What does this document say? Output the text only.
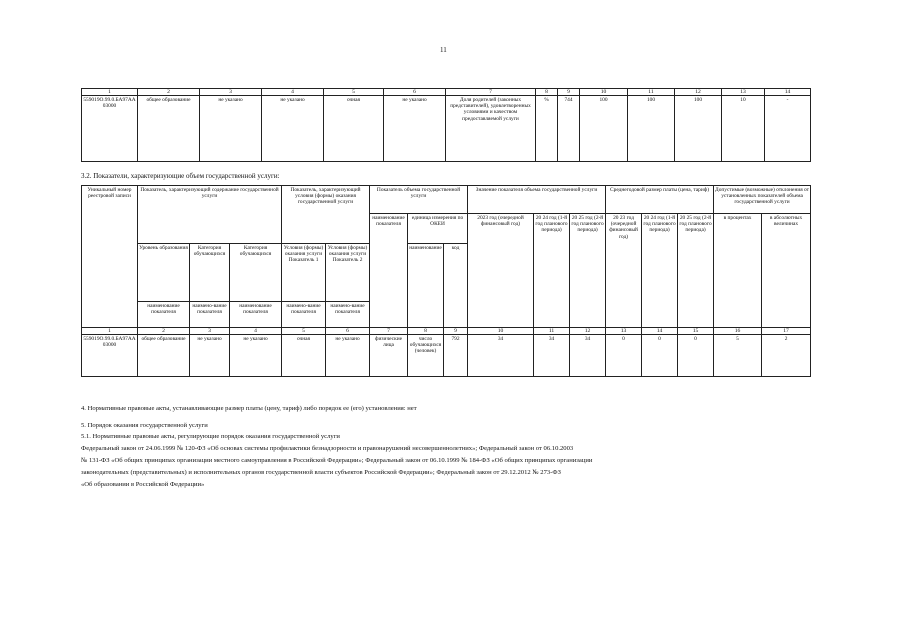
11
1	2	3	4	5	6	7	8	9	10	11	12	13	14
559019О.99.0.БА97АА03000	общее образование	не указано	не указано	очная	не указано	Доля родителей (законных представителей), удовлетворенных условиями и качеством предоставляемой услуги	%	744	100	100	100	10	-
3.2. Показатели, характеризующие объем государственной услуги:
Уникальный номер реестровой записи	Показатель, характеризующий содержание государственной услуги			Показатель, характеризующий условия (формы) оказания государственной услуги		Показатель объема государственной услуги			Значение показателя объема государственной услуги			Среднегодовой размер платы (цена, тариф)			Допустимые (возможные) отклонения от установленных показателей объема государственной услуги	
						наименование показателя	единица измерения по ОКЕИ		2023 год (очередной финансовый год)	20 24 год (1-й год планового периода)	20 25 год (2-й год планового периода)	20 23 год (очередной финансовый год)	20 24 год (1-й год планового периода)	20 25 год (2-й год планового периода)	в процентах	в абсолютных величинах
	Уровень образования	Категория обучающихся	Категория обучающихся	Условия (формы) оказания услуги Показатель 1	Условия (формы) оказания услуги Показатель 2		наименование	код								
	наименование показателя	наимено-вание показателя	наименование показателя	наимено-вание показателя	наимено-вание показателя											
1	2	3	4	5	6	7	8	9	10	11	12	13	14	15	16	17
559019О.99.0.БА97АА03000	общее образование	не указано	не указано	очная	не указано	физические лица	число обучающихся (человек)	792	34	34	34	0	0	0	5	2
4. Нормативные правовые акты, устанавливающие размер платы (цену, тариф) либо порядок ее (его) установления: нет
5. Порядок оказания государственной услуги
5.1. Нормативные правовые акты, регулирующие порядок оказания государственной услуги
Федеральный закон от 24.06.1999 № 120-ФЗ «Об основах системы профилактики безнадзорности и правонарушений несовершеннолетних»; Федеральный закон от 06.10.2003
№ 131-ФЗ «Об общих принципах организации местного самоуправления в Российской Федерации»; Федеральный закон от 06.10.1999 № 184-ФЗ «Об общих принципах организации
законодательных (представительных) и исполнительных органов государственной власти субъектов Российской Федерации»; Федеральный закон от 29.12.2012 № 273-ФЗ
«Об образовании в Российской Федерации»
